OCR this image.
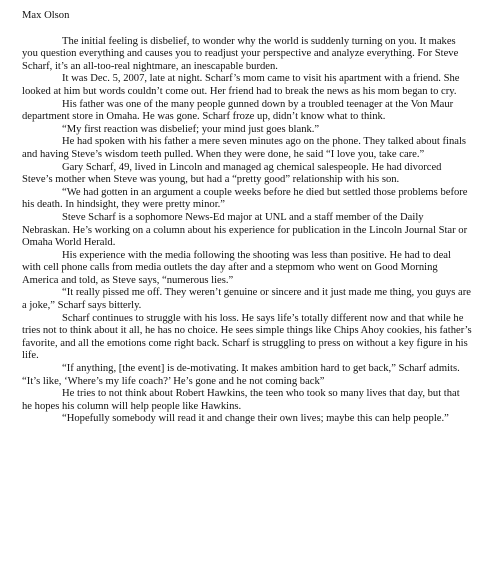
Max Olson

The initial feeling is disbelief, to wonder why the world is suddenly turning on you. It makes you question everything and causes you to readjust your perspective and analyze everything. For Steve Scharf, it’s an all-too-real nightmare, an inescapable burden.

It was Dec. 5, 2007, late at night. Scharf’s mom came to visit his apartment with a friend. She looked at him but words couldn’t come out. Her friend had to break the news as his mom began to cry.

His father was one of the many people gunned down by a troubled teenager at the Von Maur department store in Omaha. He was gone. Scharf froze up, didn’t know what to think.

“My first reaction was disbelief; your mind just goes blank.”

He had spoken with his father a mere seven minutes ago on the phone. They talked about finals and having Steve’s wisdom teeth pulled. When they were done, he said “I love you, take care.”

Gary Scharf, 49, lived in Lincoln and managed ag chemical salespeople. He had divorced Steve’s mother when Steve was young, but had a “pretty good” relationship with his son.

“We had gotten in an argument a couple weeks before he died but settled those problems before his death. In hindsight, they were pretty minor.”

Steve Scharf is a sophomore News-Ed major at UNL and a staff member of the Daily Nebraskan. He’s working on a column about his experience for publication in the Lincoln Journal Star or Omaha World Herald.

His experience with the media following the shooting was less than positive. He had to deal with cell phone calls from media outlets the day after and a stepmom who went on Good Morning America and told, as Steve says, “numerous lies.”

“It really pissed me off. They weren’t genuine or sincere and it just made me thing, you guys are a joke,” Scharf says bitterly.

Scharf continues to struggle with his loss. He says life’s totally different now and that while he tries not to think about it all, he has no choice. He sees simple things like Chips Ahoy cookies, his father’s favorite, and all the emotions come right back. Scharf is struggling to press on without a key figure in his life.

“If anything, [the event] is de-motivating. It makes ambition hard to get back,” Scharf admits. “It’s like, ‘Where’s my life coach?’ He’s gone and he not coming back”

He tries to not think about Robert Hawkins, the teen who took so many lives that day, but that he hopes his column will help people like Hawkins.

“Hopefully somebody will read it and change their own lives; maybe this can help people.”
